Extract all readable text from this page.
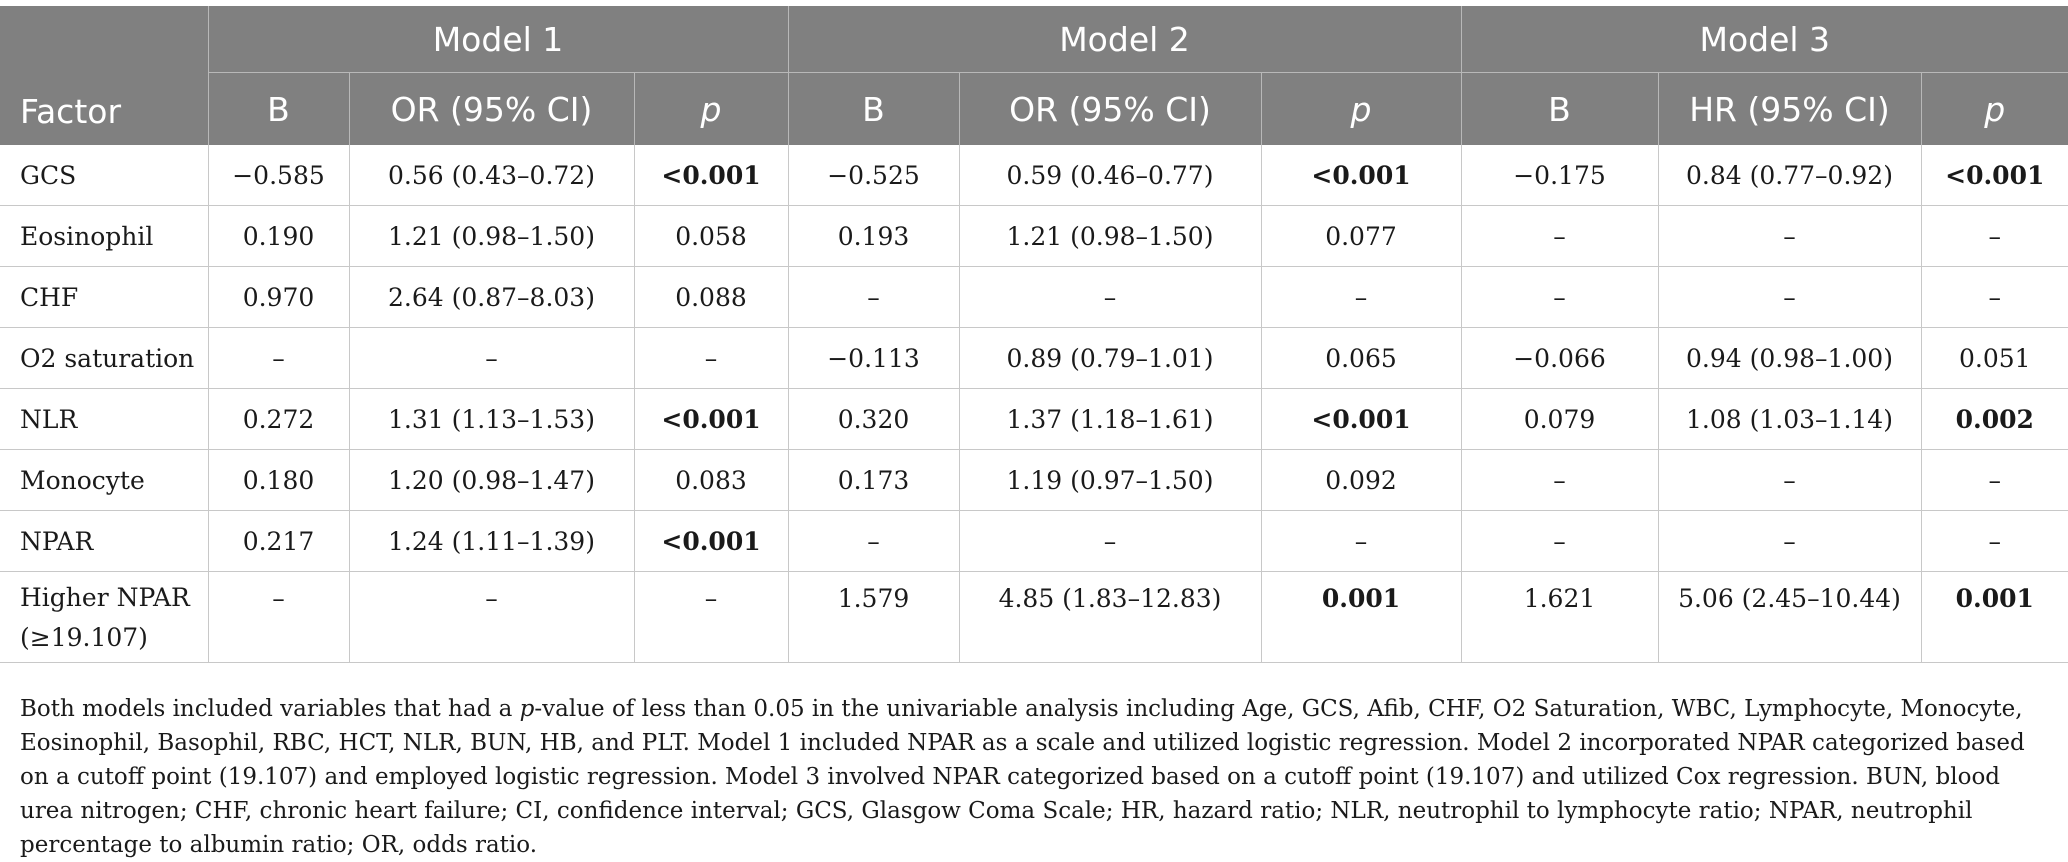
Factor	Model 1			Model 2			Model 3		
	B	OR (95% CI)	p	B	OR (95% CI)	p	B	HR (95% CI)	p
GCS	−0.585	0.56 (0.43–0.72)	<0.001	−0.525	0.59 (0.46–0.77)	<0.001	−0.175	0.84 (0.77–0.92)	<0.001
Eosinophil	0.190	1.21 (0.98–1.50)	0.058	0.193	1.21 (0.98–1.50)	0.077	–	–	–
CHF	0.970	2.64 (0.87–8.03)	0.088	–	–	–	–	–	–
O2 saturation	–	–	–	−0.113	0.89 (0.79–1.01)	0.065	−0.066	0.94 (0.98–1.00)	0.051
NLR	0.272	1.31 (1.13–1.53)	<0.001	0.320	1.37 (1.18–1.61)	<0.001	0.079	1.08 (1.03–1.14)	0.002
Monocyte	0.180	1.20 (0.98–1.47)	0.083	0.173	1.19 (0.97–1.50)	0.092	–	–	–
NPAR	0.217	1.24 (1.11–1.39)	<0.001	–	–	–	–	–	–
Higher NPAR
(≥19.107)	–	–	–	1.579	4.85 (1.83–12.83)	0.001	1.621	5.06 (2.45–10.44)	0.001
Both models included variables that had a p-value of less than 0.05 in the univariable analysis including Age, GCS, Afib, CHF, O2 Saturation, WBC, Lymphocyte, Monocyte, Eosinophil, Basophil, RBC, HCT, NLR, BUN, HB, and PLT. Model 1 included NPAR as a scale and utilized logistic regression. Model 2 incorporated NPAR categorized based on a cutoff point (19.107) and employed logistic regression. Model 3 involved NPAR categorized based on a cutoff point (19.107) and utilized Cox regression. BUN, blood urea nitrogen; CHF, chronic heart failure; CI, confidence interval; GCS, Glasgow Coma Scale; HR, hazard ratio; NLR, neutrophil to lymphocyte ratio; NPAR, neutrophil percentage to albumin ratio; OR, odds ratio.
